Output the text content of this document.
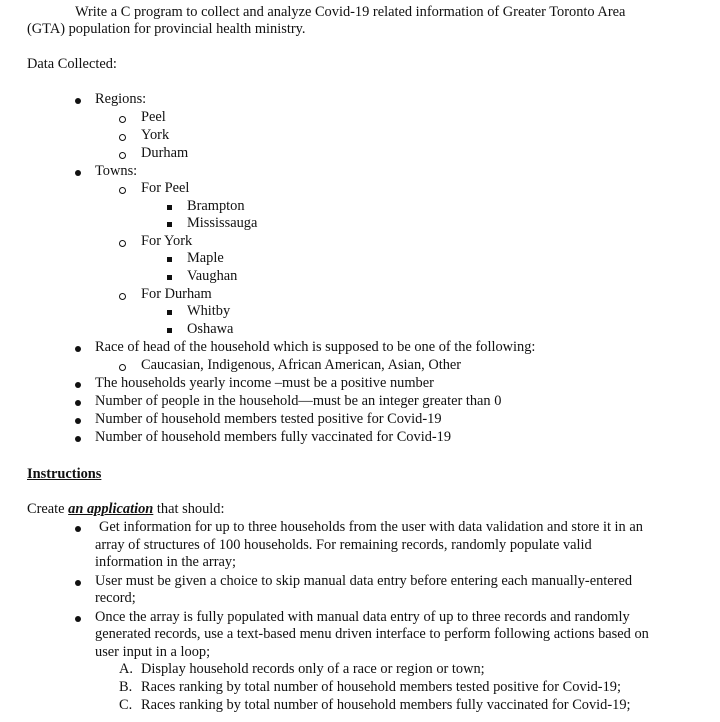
Write a C program to collect and analyze Covid-19 related information of Greater Toronto Area
(GTA) population for provincial health ministry.
Data Collected:
Regions:
Peel
York
Durham
Towns:
For Peel
Brampton
Mississauga
For York
Maple
Vaughan
For Durham
Whitby
Oshawa
Race of head of the household which is supposed to be one of the following:
Caucasian, Indigenous, African American, Asian, Other
The households yearly income –must be a positive number
Number of people in the household—must be an integer greater than 0
Number of household members tested positive for Covid-19
Number of household members fully vaccinated for Covid-19
Instructions
Create an application that should:
Get information for up to three households from the user with data validation and store it in an
array of structures of 100 households. For remaining records, randomly populate valid
information in the array;
User must be given a choice to skip manual data entry before entering each manually-entered
record;
Once the array is fully populated with manual data entry of up to three records and randomly
generated records, use a text-based menu driven interface to perform following actions based on
user input in a loop;
A. Display household records only of a race or region or town;
B. Races ranking by total number of household members tested positive for Covid-19;
C. Races ranking by total number of household members fully vaccinated for Covid-19;
